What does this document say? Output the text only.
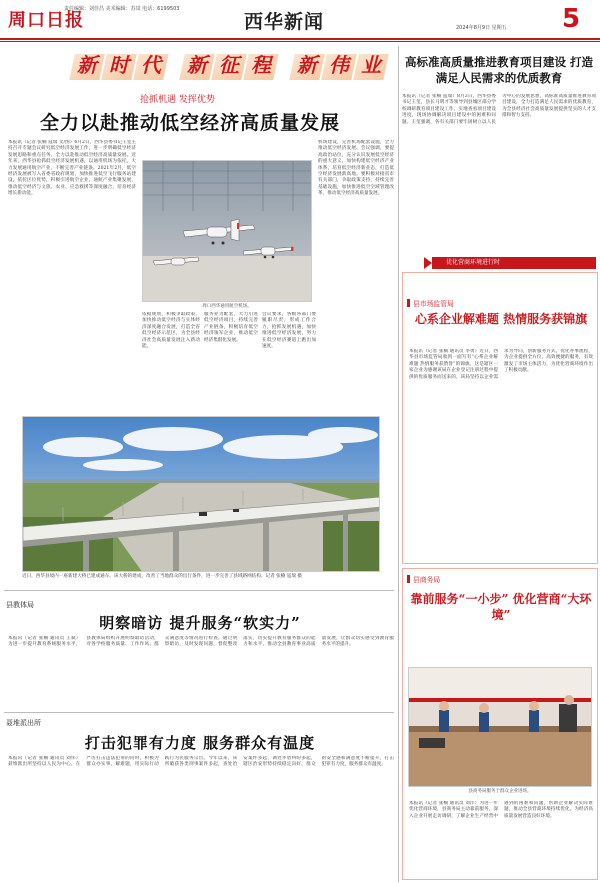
周口日报
责任编辑：刘佳昌 美术编辑：苏岚 电话：6199503
西华新闻	2024年8月9日 星期五 5
新 时 代 新 征 程 新 伟 业
抢抓机遇 发挥优势
全力以赴推动低空经济高质量发展
本报讯（记者 张楠 寇瑞 文/图）6月2日，西华县委书记王玺主持召开专题会议研究低空经济发展工作，进一步明确低空经济发展思路和重点任务，全力以赴推动低空经济高质量发展。近年来，西华县抢抓低空经济发展机遇，以通用机场为依托，大力发展通用航空产业，不断完善产业链条。2021年2月，低空经济发展被写入省委省政府规划，加快推进低空飞行服务站建设。依托区位优势，积极引进航空企业，通航产业集聚发展，推动低空经济与文旅、农业、应急救援等深度融合，培育经济增长新动能。
机场建设，完善机场配套设施，全力推动低空经济发展。会议强调，要提高政治站位，充分认识发展低空经济的重大意义，加快构建低空经济产业体系，培育低空经济新业态，打造低空经济发展新高地。要积极对接省市有关部门，争取政策支持，持续完善基础设施，加快推进低空空域管理改革，推动低空经济高质量发展。
依据规划，积极争取政策，加快推动低空经济与实体经济深度融合发展，打造全省低空经济示范区，为全县经济社会高质量发展注入新动能。
服务业为配套，大力引进低空经济项目，持续完善产业链条，积极培育低空经济领军企业，推动低空经济集群化发展。
会议要求，各级各部门要履职尽责，形成工作合力，抢抓发展机遇，加快推进低空经济发展，努力在低空经济赛道上跑出加速度。
周口西华通用航空机场。
高标准高质量推进教育项目建设 打造满足人民需求的优质教育
本报讯（记者 张楠 寇瑞）8月3日，西华县委书记王玺，县长马明才等领导到县城区部分学校调研教育项目建设工作，实地查看项目建设进度，现场协调解决项目建设中的困难和问题。王玺强调，各有关部门要牢固树立以人民为中心的发展思想，高标准高质量推进教育项目建设，全力打造满足人民需求的优质教育，为全县经济社会高质量发展提供坚实的人才支撑和智力支持。
优化营商环境进行时
县市场监管局
心系企业解难题 热情服务获锦旗
本报讯（记者 张楠 通讯员 李勇）近日，西华县市场监管局收到一面写有“心系企业解难题 热情服务获赞誉”的锦旗，这是辖区一家企业为感谢该局在企业登记注册过程中提供的优质服务而送来的。该局坚持以企业需求为导向，创新服务方式，优化办事流程，为企业提供全方位、高效便捷的服务，有效激发了市场主体活力，为优化营商环境作出了积极贡献。
县商务局
靠前服务“一小步” 优化营商“大环境”
本报讯（记者 张楠 通讯员 刘洋）为进一步优化营商环境，县商务局主动靠前服务，深入企业开展走访调研，了解企业生产经营中遇到的困难和问题，帮助企业解决实际难题，推动全县营商环境持续优化，为经济高质量发展营造良好环境。
县商务局服务于群众企业进场。
近日，西华县境内一座新建大桥已建成通车。该大桥的建成，改善了当地群众的出行条件，进一步完善了县域路网结构。记者 张楠 寇瑞 摄
县教体局
明察暗访 提升服务“软实力”
本报讯（记者 张楠 通讯员 王斌）为进一步提升教育系统服务水平，县教体局组织开展明察暗访活动，对各学校服务质量、工作作风、群众满意度等情况进行检查。通过明察暗访，及时发现问题，督促整改落实，切实提升教育服务群众的能力和水平，推动全县教育事业高质量发展，让群众切实感受到教育服务水平的提升。
聂堆派出所
打击犯罪有力度 服务群众有温度
本报讯（记者 张楠 通讯员 刘伟）聂堆派出所坚持以人民为中心，在严厉打击违法犯罪的同时，积极为群众办实事、解难题，用实际行动践行为民服务宗旨。今年以来，该所破获各类刑事案件多起，查处治安案件多起，调处矛盾纠纷多起，辖区治安形势持续稳定向好，群众的安全感和满意度不断提升，打击犯罪有力度，服务群众有温度。
